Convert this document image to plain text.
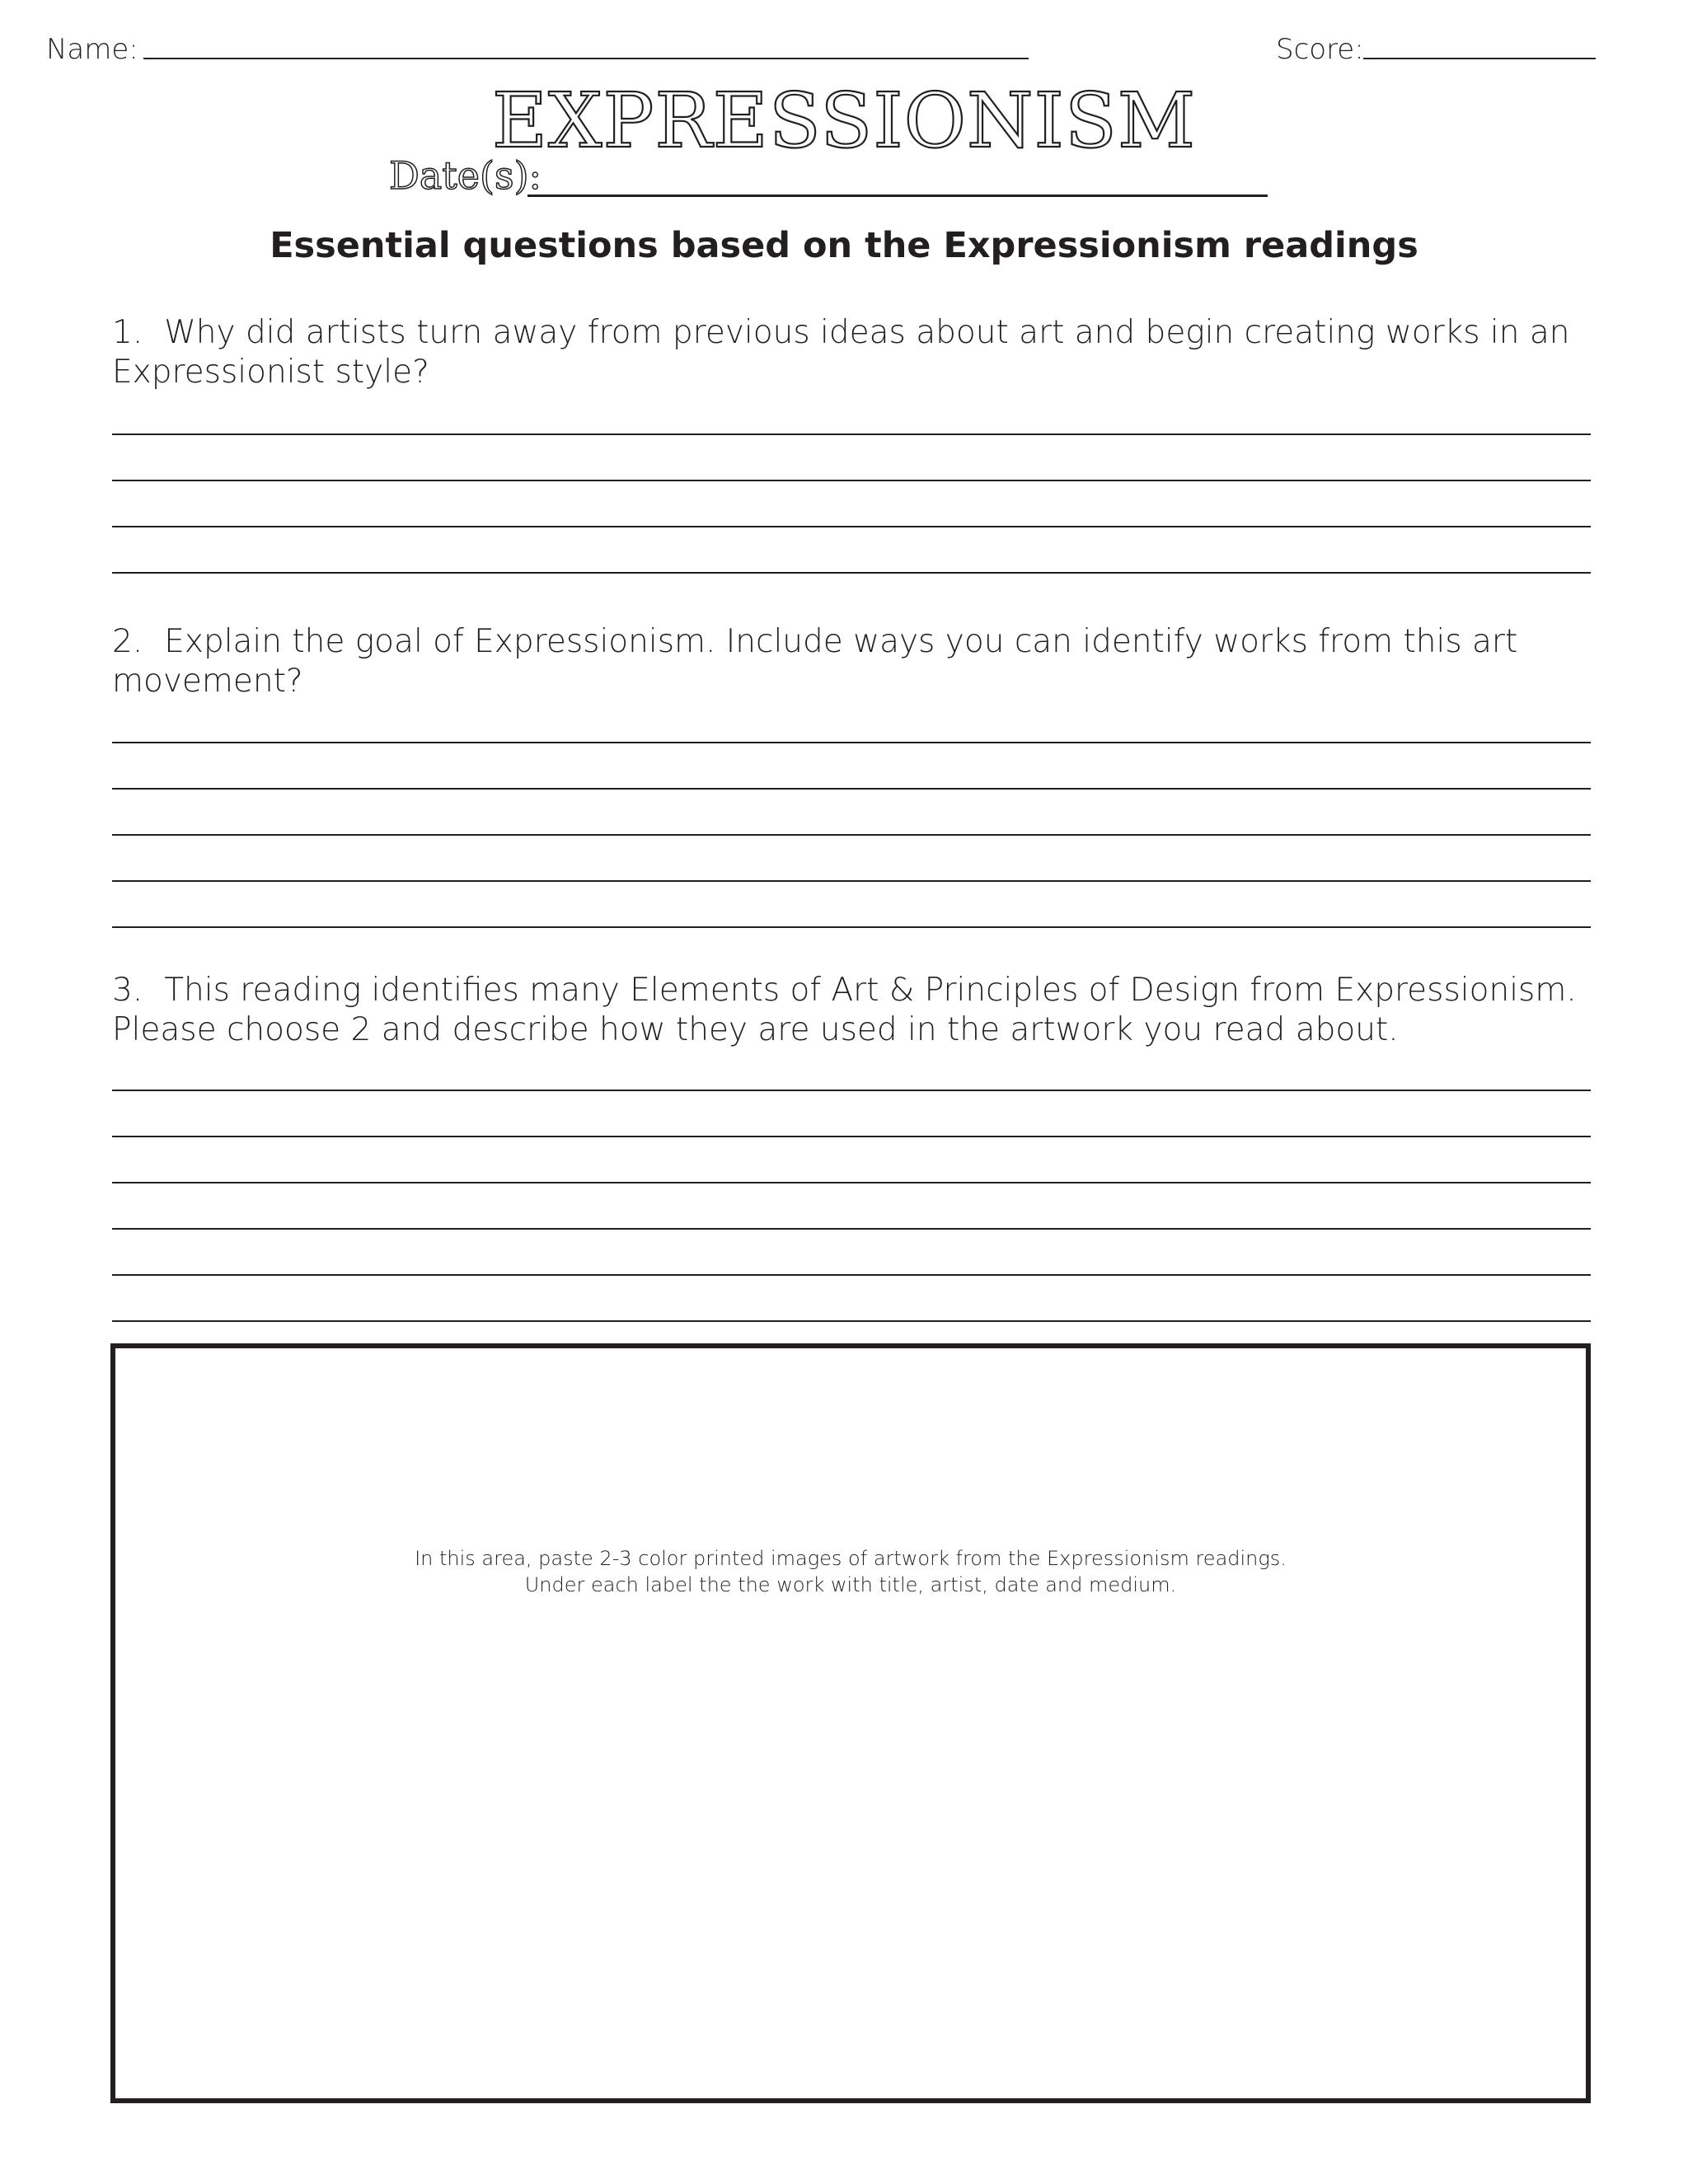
Name:	Score:
EXPRESSIONISM
Date(s):
Essential questions based on the Expressionism readings
1. Why did artists turn away from previous ideas about art and begin creating works in an
Expressionist style?
2. Explain the goal of Expressionism. Include ways you can identify works from this art
movement?
3. This reading identifies many Elements of Art & Principles of Design from Expressionism.
Please choose 2 and describe how they are used in the artwork you read about.
In this area, paste 2-3 color printed images of artwork from the Expressionism readings.
Under each label the the work with title, artist, date and medium.
